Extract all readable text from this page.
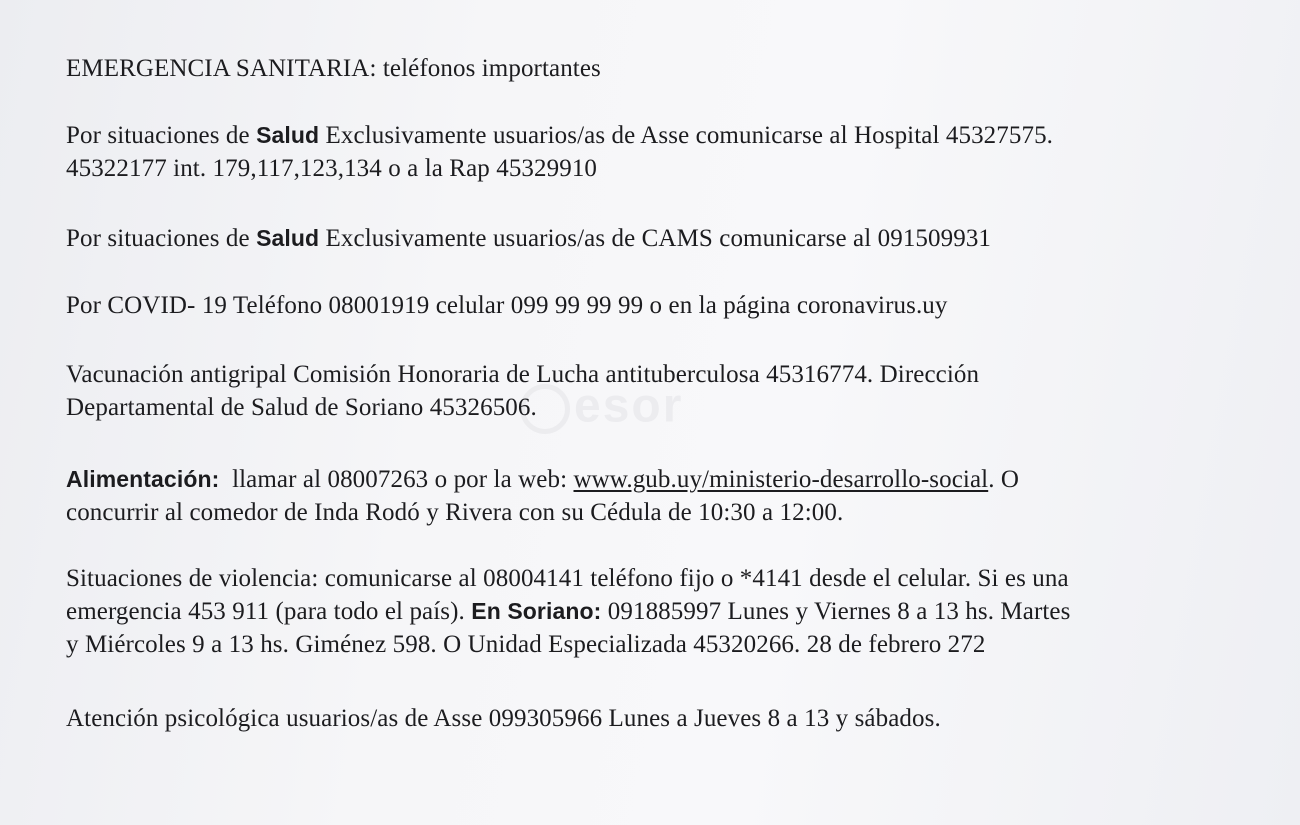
esor
EMERGENCIA SANITARIA: teléfonos importantes
Por situaciones de Salud Exclusivamente usuarios/as de Asse comunicarse al Hospital 45327575.
45322177 int. 179,117,123,134 o a la Rap 45329910
Por situaciones de Salud Exclusivamente usuarios/as de CAMS comunicarse al 091509931
Por COVID- 19 Teléfono 08001919 celular 099 99 99 99 o en la página coronavirus.uy
Vacunación antigripal Comisión Honoraria de Lucha antituberculosa 45316774. Dirección
Departamental de Salud de Soriano 45326506.
Alimentación:  llamar al 08007263 o por la web: www.gub.uy/ministerio-desarrollo-social. O
concurrir al comedor de Inda Rodó y Rivera con su Cédula de 10:30 a 12:00.
Situaciones de violencia: comunicarse al 08004141 teléfono fijo o *4141 desde el celular. Si es una
emergencia 453 911 (para todo el país). En Soriano: 091885997 Lunes y Viernes 8 a 13 hs. Martes
y Miércoles 9 a 13 hs. Giménez 598. O Unidad Especializada 45320266. 28 de febrero 272
Atención psicológica usuarios/as de Asse 099305966 Lunes a Jueves 8 a 13 y sábados.
